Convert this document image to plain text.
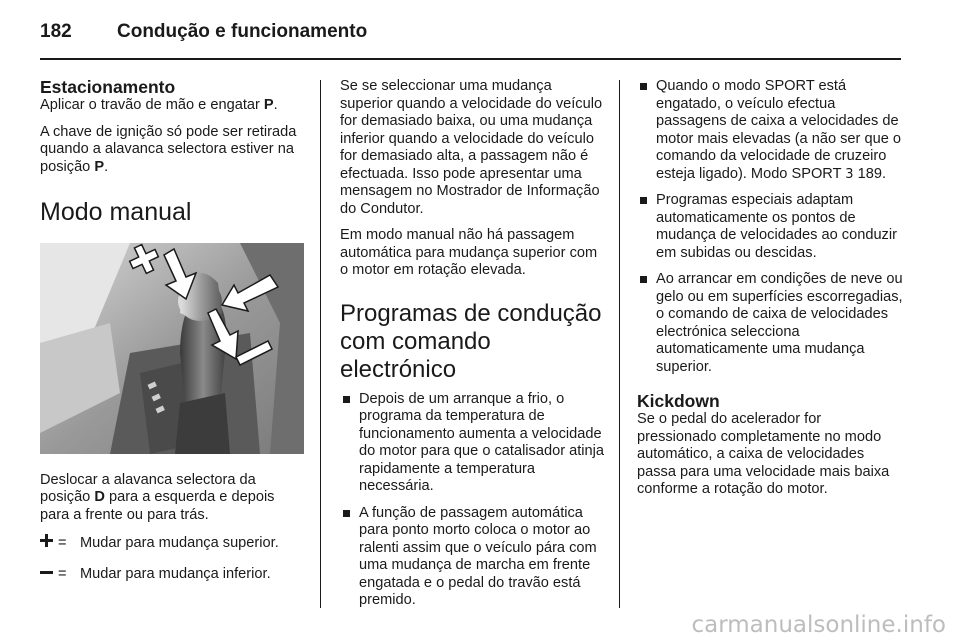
182 Condução e funcionamento
Estacionamento

Aplicar o travão de mão e engatar P.

A chave de ignição só pode ser retirada quando a alavanca selectora estiver na posição P.

Modo manual

Deslocar a alavanca selectora da posição D para a esquerda e depois para a frente ou para trás.

= Mudar para mudança superior.
= Mudar para mudança inferior.

Se se seleccionar uma mudança superior quando a velocidade do veículo for demasiado baixa, ou uma mudança inferior quando a velocidade do veículo for demasiado alta, a passagem não é efectuada. Isso pode apresentar uma mensagem no Mostrador de Informação do Condutor.

Em modo manual não há passagem automática para mudança superior com o motor em rotação elevada.

Programas de condução
com comando electrónico
Depois de um arranque a frio, o programa da temperatura de funcionamento aumenta a velocidade do motor para que o catalisador atinja rapidamente a temperatura necessária.
A função de passagem automática para ponto morto coloca o motor ao ralenti assim que o veículo pára com uma mudança de marcha em frente engatada e o pedal do travão está premido.
Quando o modo SPORT está engatado, o veículo efectua passagens de caixa a velocidades de motor mais elevadas (a não ser que o comando da velocidade de cruzeiro esteja ligado). Modo SPORT 3 189.
Programas especiais adaptam automaticamente os pontos de mudança de velocidades ao conduzir em subidas ou descidas.
Ao arrancar em condições de neve ou gelo ou em superfícies escorregadias, o comando de caixa de velocidades electrónica selecciona automaticamente uma mudança superior.
Kickdown

Se o pedal do acelerador for pressionado completamente no modo automático, a caixa de velocidades passa para uma velocidade mais baixa conforme a rotação do motor.

carmanualsonline.info
